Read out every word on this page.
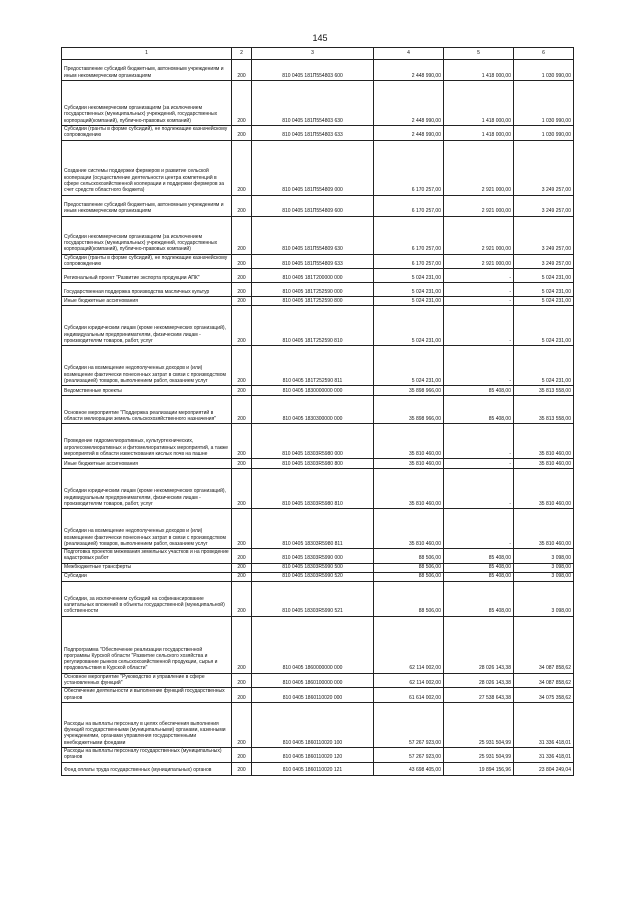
145
1	2	3	4	5	6
Предоставление субсидий бюджетным, автономным учреждениям и иным некоммерческим организациям	200	810 0405 181П554803 600	2 448 990,00	1 418 000,00	1 030 990,00
Субсидии некоммерческим организациям (за исключением государственных (муниципальных) учреждений, государственных корпораций(компаний), публично-правовых компаний)	200	810 0405 181П554803 630	2 448 990,00	1 418 000,00	1 030 990,00
Субсидии (гранты в форме субсидий), не подлежащие казначейскому сопровождению	200	810 0405 181П554803 633	2 448 990,00	1 418 000,00	1 030 990,00
Создание системы поддержки фермеров и развитие сельской кооперации (осуществление деятельности центра компетенций в сфере сельскохозяйственной кооперации и поддержки фермеров за счет средств областного бюджета)	200	810 0405 181П554809 000	6 170 257,00	2 921 000,00	3 249 257,00
Предоставление субсидий бюджетным, автономным учреждениям и иным некоммерческим организациям	200	810 0405 181П554809 600	6 170 257,00	2 921 000,00	3 249 257,00
Субсидии некоммерческим организациям (за исключением государственных (муниципальных) учреждений, государственных корпораций(компаний), публично-правовых компаний)	200	810 0405 181П554809 630	6 170 257,00	2 921 000,00	3 249 257,00
Субсидии (гранты в форме субсидий), не подлежащие казначейскому сопровождению	200	810 0405 181П554809 633	6 170 257,00	2 921 000,00	3 249 257,00
Региональный проект "Развитие экспорта продукции АПК"	200	810 0405 181T200000 000	5 024 231,00	-	5 024 231,00
Государственная поддержка производства масличных культур	200	810 0405 181T252590 000	5 024 231,00	-	5 024 231,00
Иные бюджетные ассигнования	200	810 0405 181T252590 800	5 024 231,00	-	5 024 231,00
Субсидии юридическим лицам (кроме некоммерческих организаций), индивидуальным предпринимателям, физическим лицам - производителям товаров, работ, услуг	200	810 0405 181T252590 810	5 024 231,00	-	5 024 231,00
Субсидии на возмещение недополученных доходов и (или) возмещение фактически понесенных затрат в связи с производством (реализацией) товаров, выполнением работ, оказанием услуг	200	810 0405 181T252590 811	5 024 231,00	-	5 024 231,00
Ведомственные проекты	200	810 0405 1830000000 000	35 898 966,00	85 408,00	35 813 558,00
Основное мероприятие "Поддержка реализации мероприятий в области мелиорации земель сельскохозяйственного назначения"	200	810 0405 1830300000 000	35 898 966,00	85 408,00	35 813 558,00
Проведение гидромелиоративных, культуртехнических, агролесомелиоративных и фитомелиоративных мероприятий, а также мероприятий в области известкования кислых почв на пашне	200	810 0405 18303R5980 000	35 810 460,00	-	35 810 460,00
Иные бюджетные ассигнования	200	810 0405 18303R5980 800	35 810 460,00	-	35 810 460,00
Субсидии юридическим лицам (кроме некоммерческих организаций), индивидуальным предпринимателям, физическим лицам - производителям товаров, работ, услуг	200	810 0405 18303R5980 810	35 810 460,00	-	35 810 460,00
Субсидии на возмещение недополученных доходов и (или) возмещение фактически понесенных затрат в связи с производством (реализацией) товаров, выполнением работ, оказанием услуг	200	810 0405 18303R5980 811	35 810 460,00	-	35 810 460,00
Подготовка проектов межевания земельных участков и на проведение кадастровых работ	200	810 0405 18303R5990 000	88 506,00	85 408,00	3 098,00
Межбюджетные трансферты	200	810 0405 18303R5990 500	88 506,00	85 408,00	3 098,00
Субсидии	200	810 0405 18303R5990 520	88 506,00	85 408,00	3 098,00
Субсидии, за исключением субсидий на софинансирование капитальных вложений в объекты государственной (муниципальной) собственности	200	810 0405 18303R5990 521	88 506,00	85 408,00	3 098,00
Подпрограмма "Обеспечение реализации государственной программы Курской области "Развитие сельского хозяйства и регулирование рынков сельскохозяйственной продукции, сырья и продовольствия в Курской области"	200	810 0405 1860000000 000	62 114 002,00	28 026 143,38	34 087 858,62
Основное мероприятие "Руководство и управление в сфере установленных функций"	200	810 0405 1860100000 000	62 114 002,00	28 026 143,38	34 087 858,62
Обеспечение деятельности и выполнение функций государственных органов	200	810 0405 1860110020 000	61 614 002,00	27 538 643,38	34 075 358,62
Расходы на выплаты персоналу в целях обеспечения выполнения функций государственными (муниципальными) органами, казенными учреждениями, органами управления государственными внебюджетными фондами	200	810 0405 1860110020 100	57 267 923,00	25 931 504,99	31 336 418,01
Расходы на выплаты персоналу государственных (муниципальных) органов	200	810 0405 1860110020 120	57 267 923,00	25 931 504,99	31 336 418,01
Фонд оплаты труда государственных (муниципальных) органов	200	810 0405 1860110020 121	43 698 405,00	19 894 156,96	23 804 249,04
